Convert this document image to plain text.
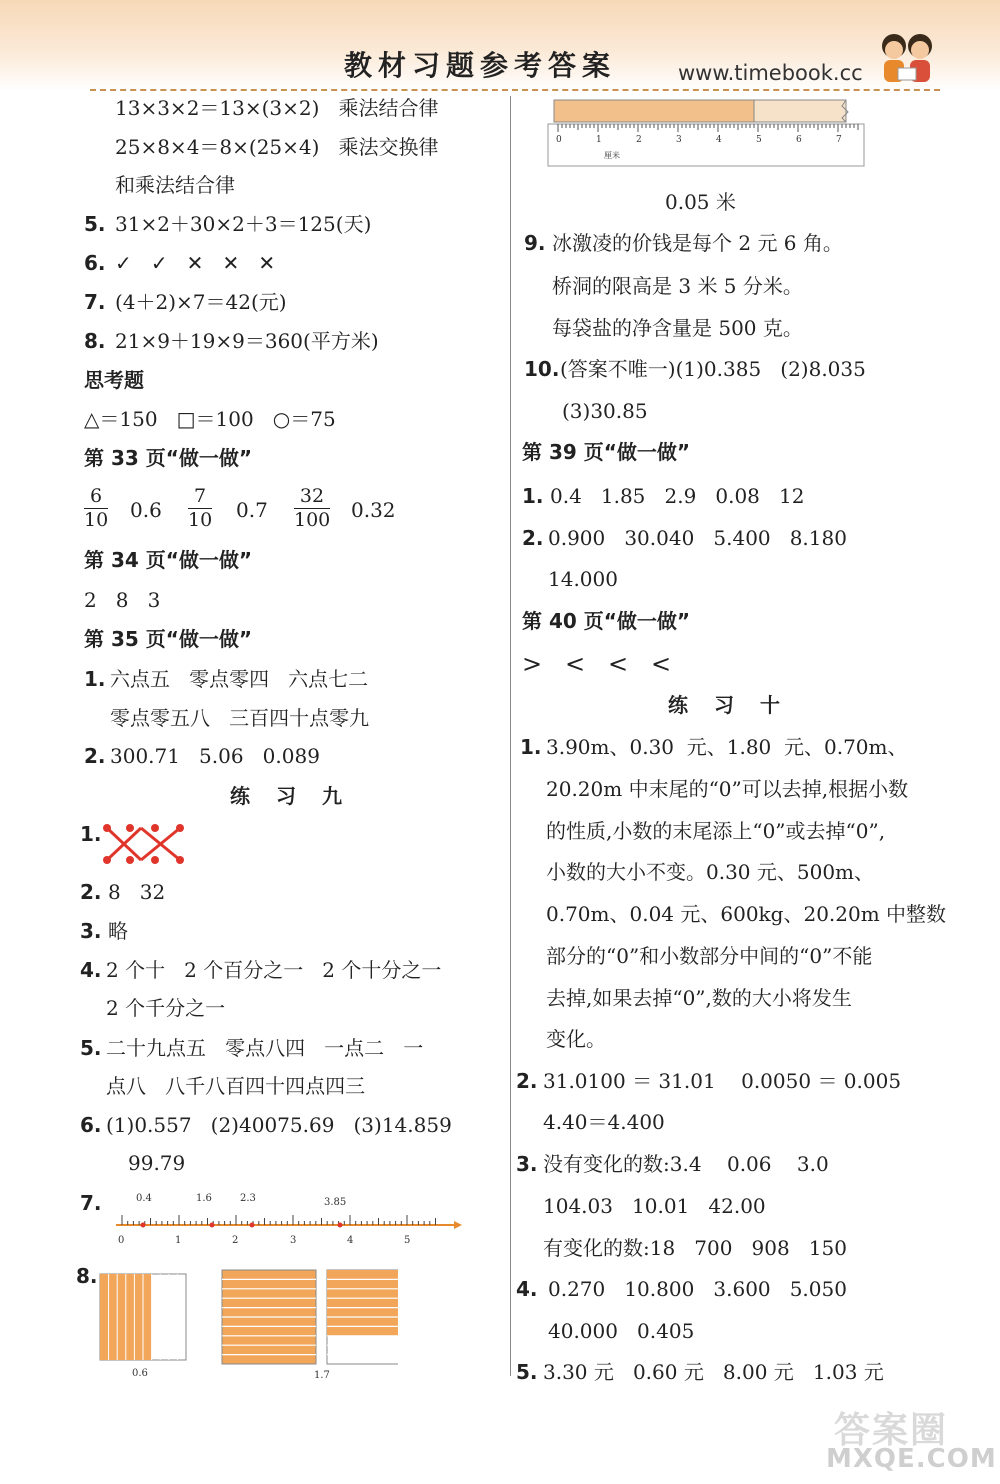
教材习题参考答案	www.timebook.cc
13×3×2＝13×(3×2)   乘法结合律
25×8×4＝8×(25×4)   乘法交换律
和乘法结合律
5. 31×2＋30×2＋3＝125(天)
6. ✓   ✓   ✕   ✕   ✕
7. (4＋2)×7＝42(元)
8. 21×9＋19×9＝360(平方米)
思考题
△＝150   □＝100   ○＝75
第 33 页“做一做”
6
10 0.6
7
10 0.7
32
100 0.32
第 34 页“做一做”
2   8   3
第 35 页“做一做”
1. 六点五   零点零四   六点七二
零点零五八   三百四十点零九
2. 300.71   5.06   0.089
练习九
1.
2. 8   32
3. 略
4. 2 个十   2 个百分之一   2 个十分之一
2 个千分之一
5. 二十九点五   零点八四   一点二   一
点八   八千八百四十四点四三
6. (1)0.557   (2)40075.69   (3)14.859
99.79
7.	0.4	1.6	2.3	3.85
0	1	2	3	4	5
8.
0.6	1.7
0	1	2	3	4	5	6	7
厘米
0.05 米
9. 冰激凌的价钱是每个 2 元 6 角。
桥洞的限高是 3 米 5 分米。
每袋盐的净含量是 500 克。
10. (答案不唯一)(1)0.385   (2)8.035
(3)30.85
第 39 页“做一做”
1. 0.4   1.85   2.9   0.08   12
2. 0.900   30.040   5.400   8.180
14.000
第 40 页“做一做”
>   <   <   <
练习十
1. 3.90m、0.30  元、1.80  元、0.70m、
20.20m 中末尾的“0”可以去掉,根据小数
的性质,小数的末尾添上“0”或去掉“0”,
小数的大小不变。0.30 元、500m、
0.70m、0.04 元、600kg、20.20m 中整数
部分的“0”和小数部分中间的“0”不能
去掉,如果去掉“0”,数的大小将发生
变化。
2. 31.0100 ＝ 31.01    0.0050 ＝ 0.005
4.40＝4.400
3. 没有变化的数:3.4    0.06    3.0
104.03   10.01   42.00
有变化的数:18   700   908   150
4. 0.270   10.800   3.600   5.050
40.000   0.405
5. 3.30 元   0.60 元   8.00 元   1.03 元
答案圈
MXQE.COM
